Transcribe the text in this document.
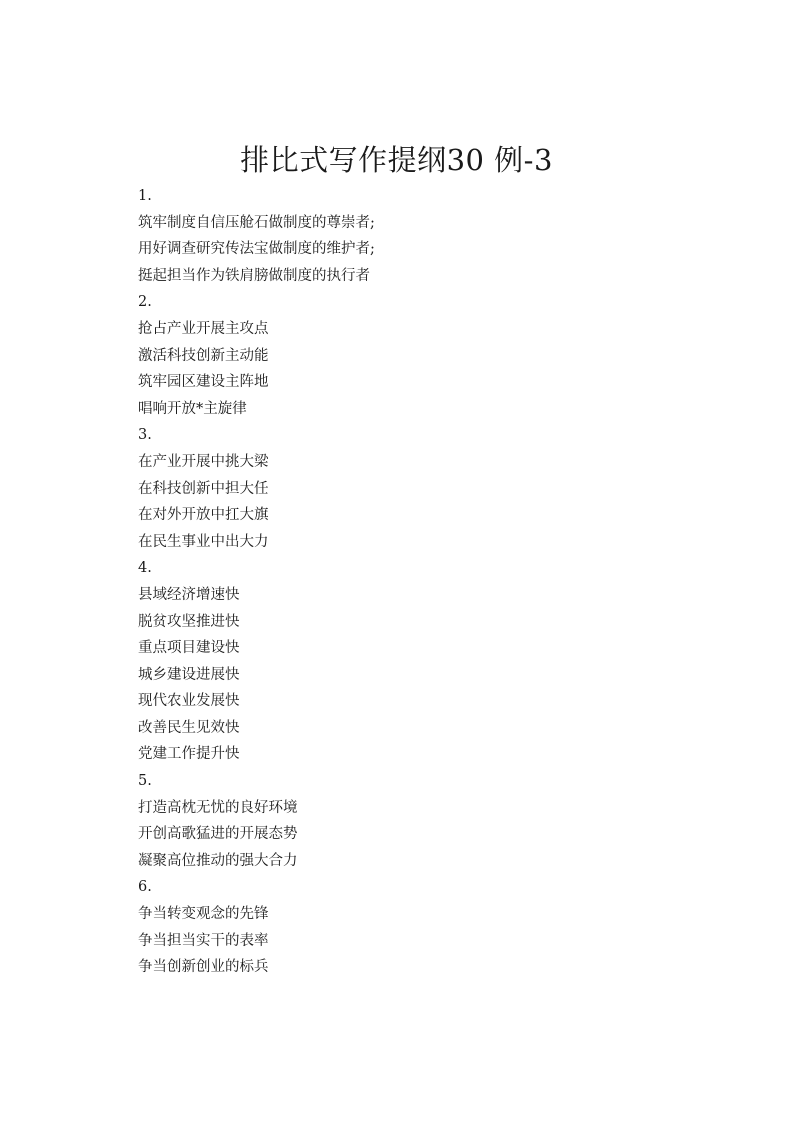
排比式写作提纲30 例-3
1.
筑牢制度自信压舱石做制度的尊崇者;
用好调查研究传法宝做制度的维护者;
挺起担当作为铁肩膀做制度的执行者
2.
抢占产业开展主攻点
激活科技创新主动能
筑牢园区建设主阵地
唱响开放*主旋律
3.
在产业开展中挑大梁
在科技创新中担大任
在对外开放中扛大旗
在民生事业中出大力
4.
县域经济增速快
脱贫攻坚推进快
重点项目建设快
城乡建设进展快
现代农业发展快
改善民生见效快
党建工作提升快
5.
打造高枕无忧的良好环境
开创高歌猛进的开展态势
凝聚高位推动的强大合力
6.
争当转变观念的先锋
争当担当实干的表率
争当创新创业的标兵
